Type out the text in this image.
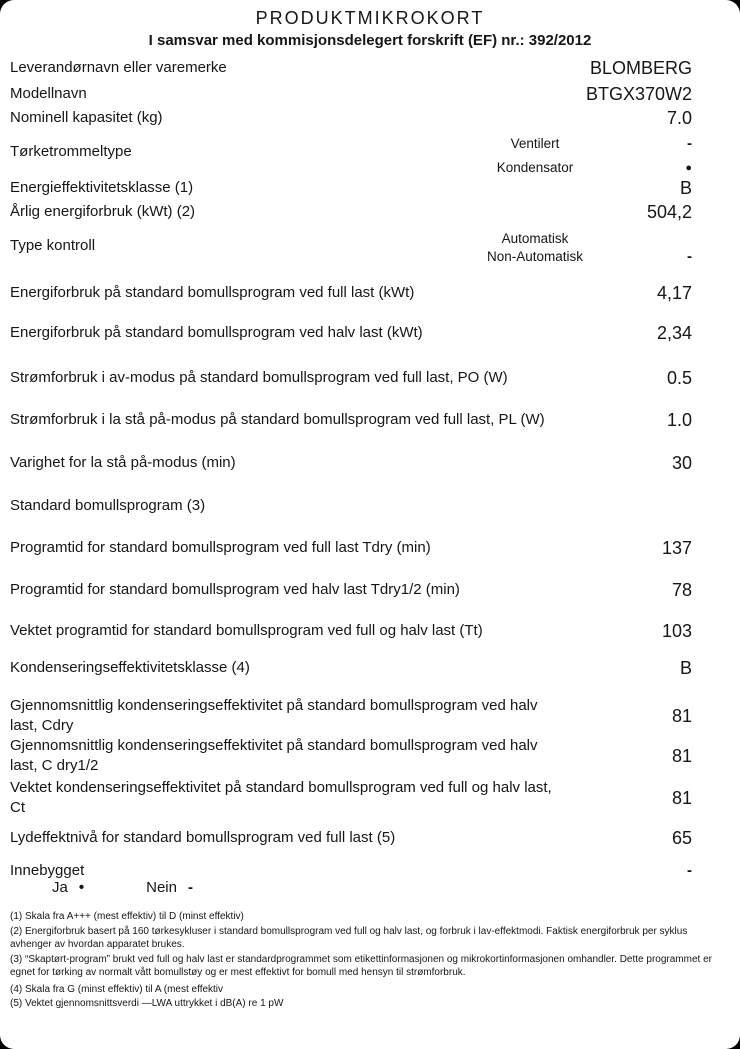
PRODUKTMIKROKORT
I samsvar med kommisjonsdelegert forskrift (EF) nr.: 392/2012
Leverandørnavn eller varemerke	BLOMBERG
Modellnavn	BTGX370W2
Nominell kapasitet (kg)	7.0
Tørketrommeltype	Ventilert	-
Kondensator	●
Energieffektivitetsklasse (1)	B
Årlig energiforbruk (kWt) (2)	504,2
Type kontroll	Automatisk
Non-Automatisk	-
Energiforbruk på standard bomullsprogram ved full last (kWt)	4,17
Energiforbruk på standard bomullsprogram ved halv last (kWt)	2,34
Strømforbruk i av-modus på standard bomullsprogram ved full last, PO (W)	0.5
Strømforbruk i la stå på-modus på standard bomullsprogram ved full last, PL (W)	1.0
Varighet for la stå på-modus (min)	30
Standard bomullsprogram (3)
Programtid for standard bomullsprogram ved full last Tdry (min)	137
Programtid for standard bomullsprogram ved halv last Tdry1/2 (min)	78
Vektet programtid for standard bomullsprogram ved full og halv last (Tt)	103
Kondenseringseffektivitetsklasse (4)	B
Gjennomsnittlig kondenseringseffektivitet på standard bomullsprogram ved halv last, Cdry	81
Gjennomsnittlig kondenseringseffektivitet på standard bomullsprogram ved halv last, C dry1/2	81
Vektet kondenseringseffektivitet på standard bomullsprogram ved full og halv last, Ct	81
Lydeffektnivå for standard bomullsprogram ved full last (5)	65
Innebygget	-
Ja •	Nein -
(1) Skala fra A+++ (mest effektiv) til D (minst effektiv)
(2) Energiforbruk basert på 160 tørkesykluser i standard bomullsprogram ved full og halv last, og forbruk i lav-effektmodi. Faktisk energiforbruk per syklus avhenger av hvordan apparatet brukes.
(3) “Skaptørt-program” brukt ved full og halv last er standardprogrammet som etikettinformasjonen og mikrokortinformasjonen omhandler. Dette programmet er egnet for tørking av normalt vått bomullstøy og er mest effektivt for bomull med hensyn til strømforbruk.
(4) Skala fra G (minst effektiv) til A (mest effektiv
(5) Vektet gjennomsnittsverdi —LWA uttrykket i dB(A) re 1 pW
